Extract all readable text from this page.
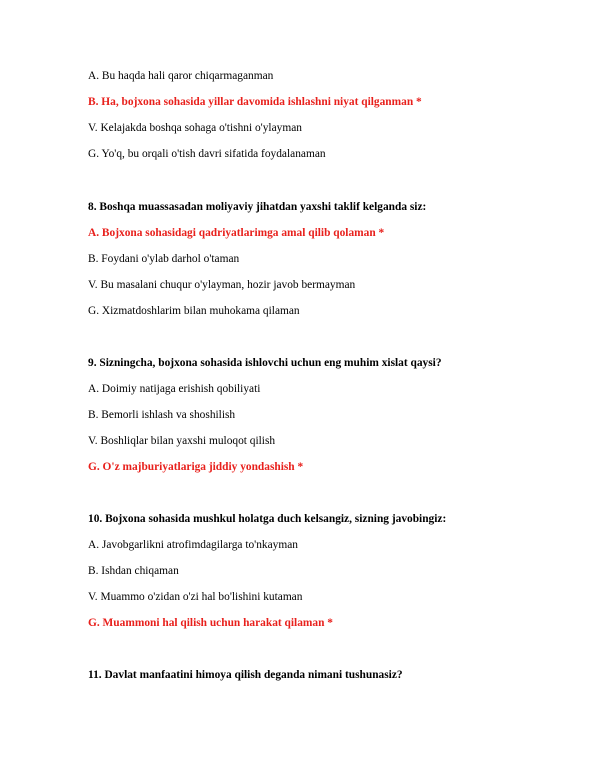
A. Bu haqda hali qaror chiqarmaganman
B. Ha, bojxona sohasida yillar davomida ishlashni niyat qilganman *
V. Kelajakda boshqa sohaga o'tishni o'ylayman
G. Yo'q, bu orqali o'tish davri sifatida foydalanaman
8. Boshqa muassasadan moliyaviy jihatdan yaxshi taklif kelganda siz:
A. Bojxona sohasidagi qadriyatlarimga amal qilib qolaman *
B. Foydani o'ylab darhol o'taman
V. Bu masalani chuqur o'ylayman, hozir javob bermayman
G. Xizmatdoshlarim bilan muhokama qilaman
9. Sizningcha, bojxona sohasida ishlovchi uchun eng muhim xislat qaysi?
A. Doimiy natijaga erishish qobiliyati
B. Bemorli ishlash va shoshilish
V. Boshliqlar bilan yaxshi muloqot qilish
G. O'z majburiyatlariga jiddiy yondashish *
10. Bojxona sohasida mushkul holatga duch kelsangiz, sizning javobingiz:
A. Javobgarlikni atrofimdagilarga to'nkayman
B. Ishdan chiqaman
V. Muammo o'zidan o'zi hal bo'lishini kutaman
G. Muammoni hal qilish uchun harakat qilaman *
11. Davlat manfaatini himoya qilish deganda nimani tushunasiz?
